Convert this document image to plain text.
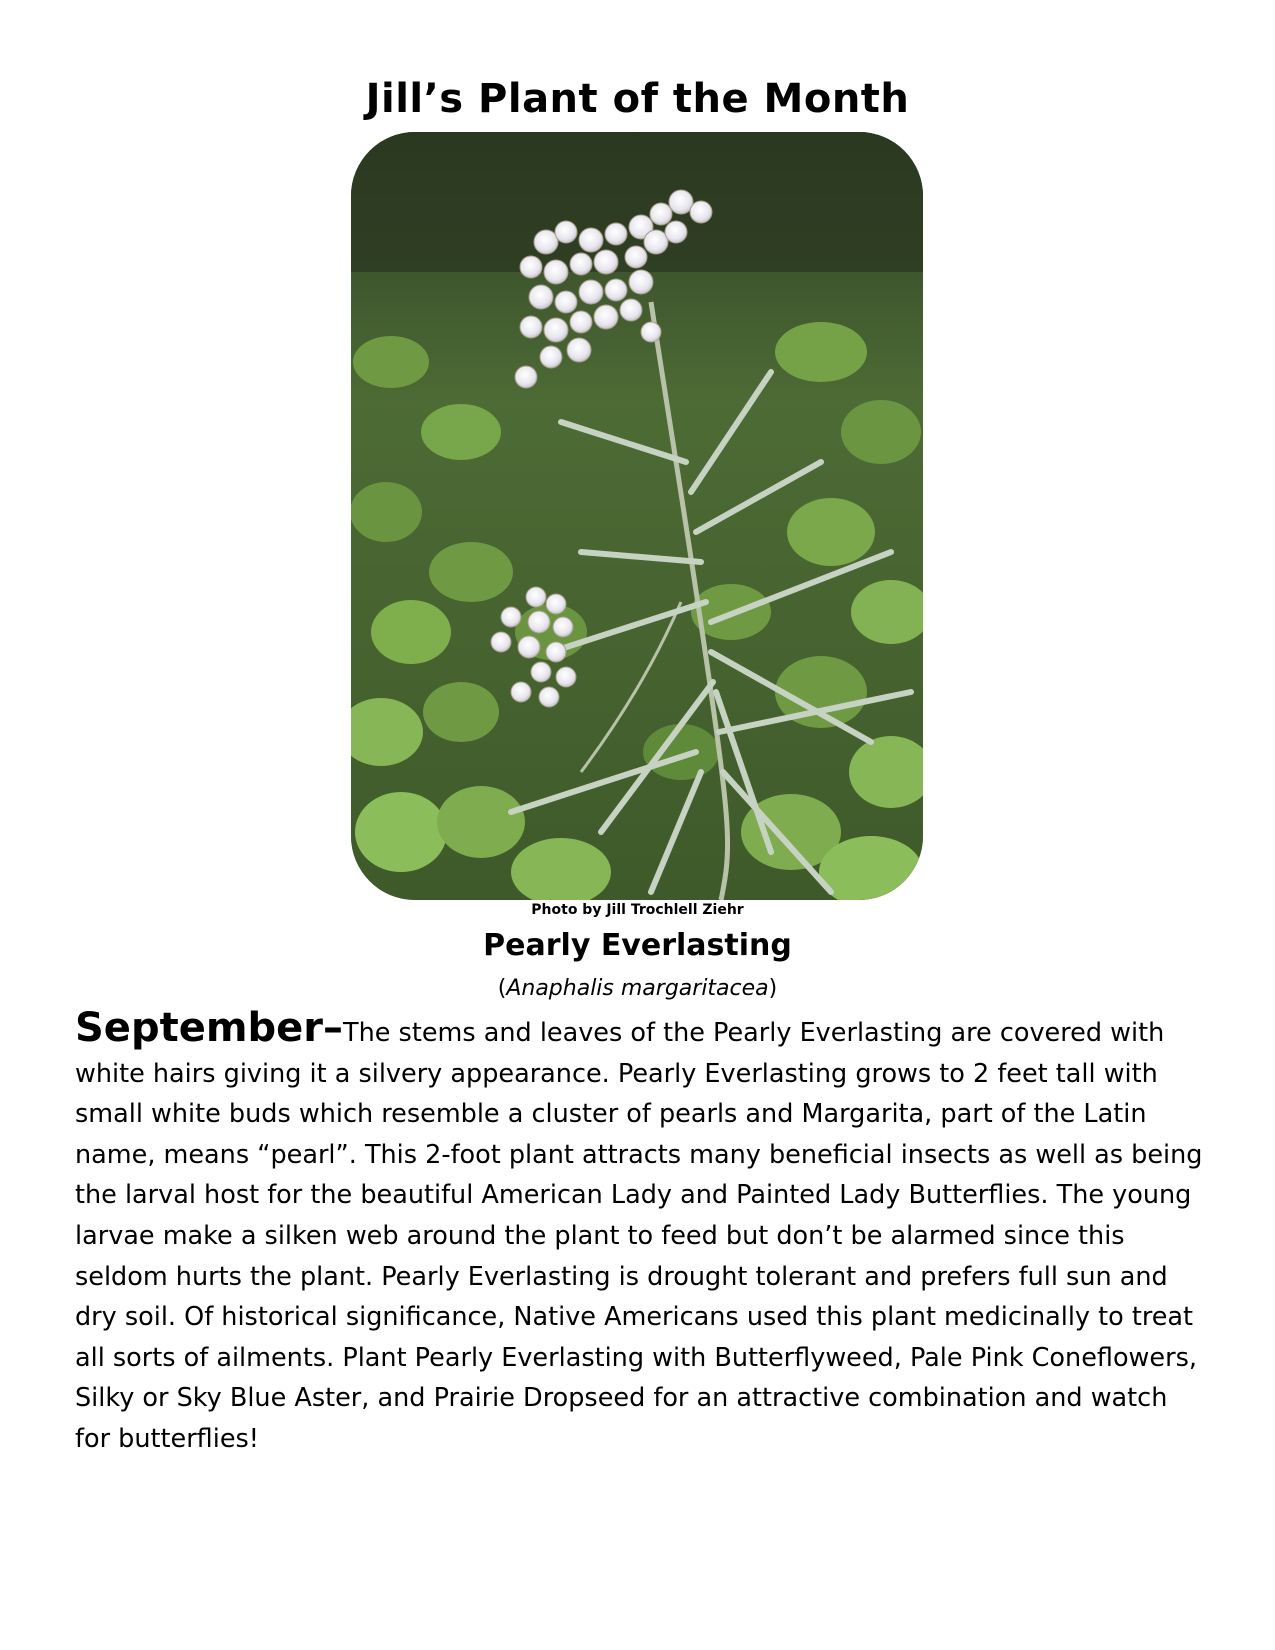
Jill’s Plant of the Month
Photo by Jill Trochlell Ziehr
Pearly Everlasting
(Anaphalis margaritacea)
September–The stems and leaves of the Pearly Everlasting are covered with white hairs giving it a silvery appearance. Pearly Everlasting grows to 2 feet tall with small white buds which resemble a cluster of pearls and Margarita, part of the Latin name, means “pearl”. This 2-foot plant attracts many beneficial insects as well as being the larval host for the beautiful American Lady and Painted Lady Butterflies. The young larvae make a silken web around the plant to feed but don’t be alarmed since this seldom hurts the plant. Pearly Everlasting is drought tolerant and prefers full sun and dry soil. Of historical significance, Native Americans used this plant medicinally to treat all sorts of ailments. Plant Pearly Everlasting with Butterflyweed, Pale Pink Coneflowers, Silky or Sky Blue Aster, and Prairie Dropseed for an attractive combination and watch for butterflies!
